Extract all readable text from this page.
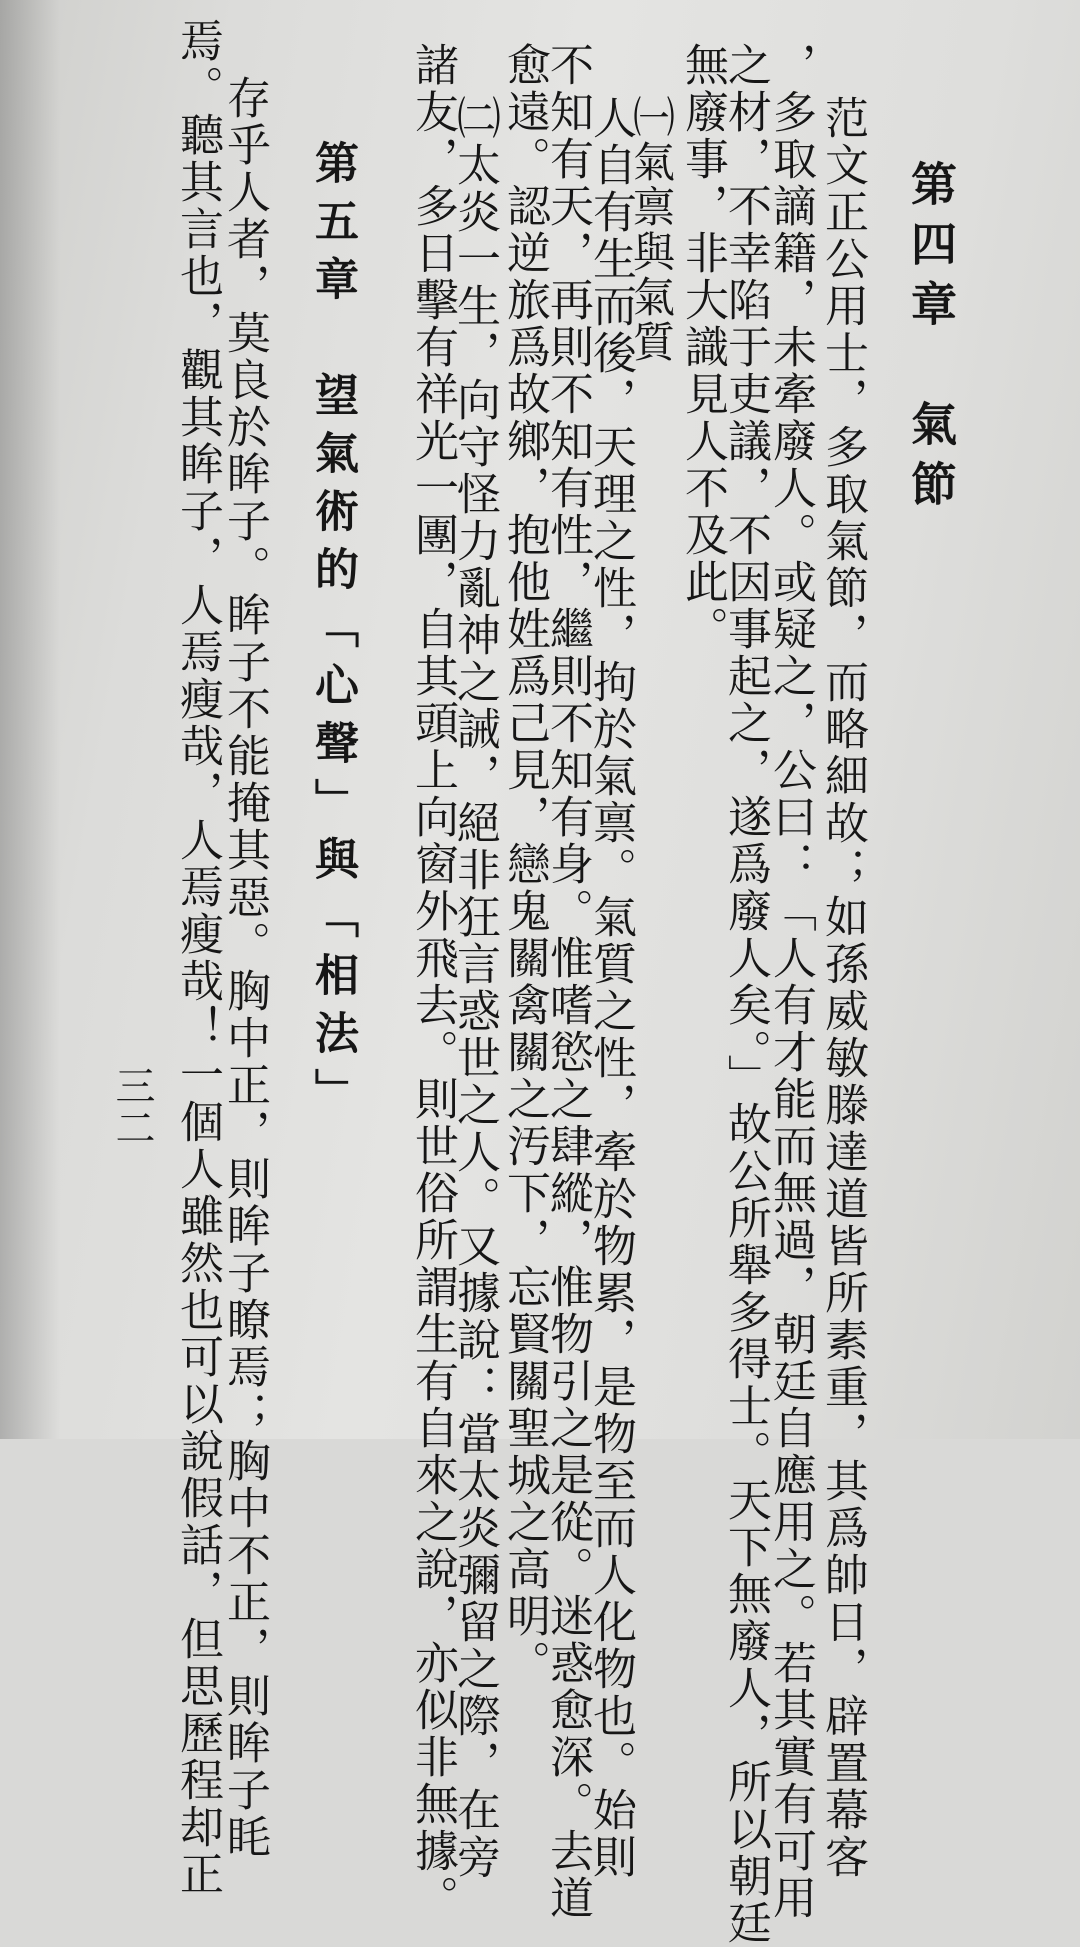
第四章　氣節
范文正公用士，多取氣節，而略細故；如孫威敏滕達道皆所素重，其爲帥日，辟置幕客
，多取謫籍，未牽廢人。或疑之，公曰：「人有才能而無過，朝廷自應用之。若其實有可用
之材，不幸陷于吏議，不因事起之，遂爲廢人矣。」故公所舉多得士。天下無廢人，所以朝廷
無廢事，非大識見人不及此。
㈠氣禀與氣質
人自有生而後，天理之性，拘於氣禀。氣質之性，牽於物累，是物至而人化物也。始則
不知有天，再則不知有性，繼則不知有身。惟嗜慾之肆縱，惟物引之是從。迷惑愈深。去道
愈遠。認逆旅爲故鄉，抱他姓爲己見，戀鬼關禽關之汚下，忘賢關聖城之高明。
㈡太炎一生，向守怪力亂神之誡，絕非狂言惑世之人。又據說：當太炎彌留之際，在旁
諸友，多日擊有祥光一團，自其頭上向窗外飛去。則世俗所謂生有自來之說，亦似非無據。
第五章　望氣術的「心聲」與「相法」
存乎人者，莫良於眸子。眸子不能掩其惡。胸中正，則眸子瞭焉；胸中不正，則眸子眊
焉。聽其言也，觀其眸子，人焉瘦哉，人焉瘦哉！一個人雖然也可以說假話，但思歷程却正
三二
